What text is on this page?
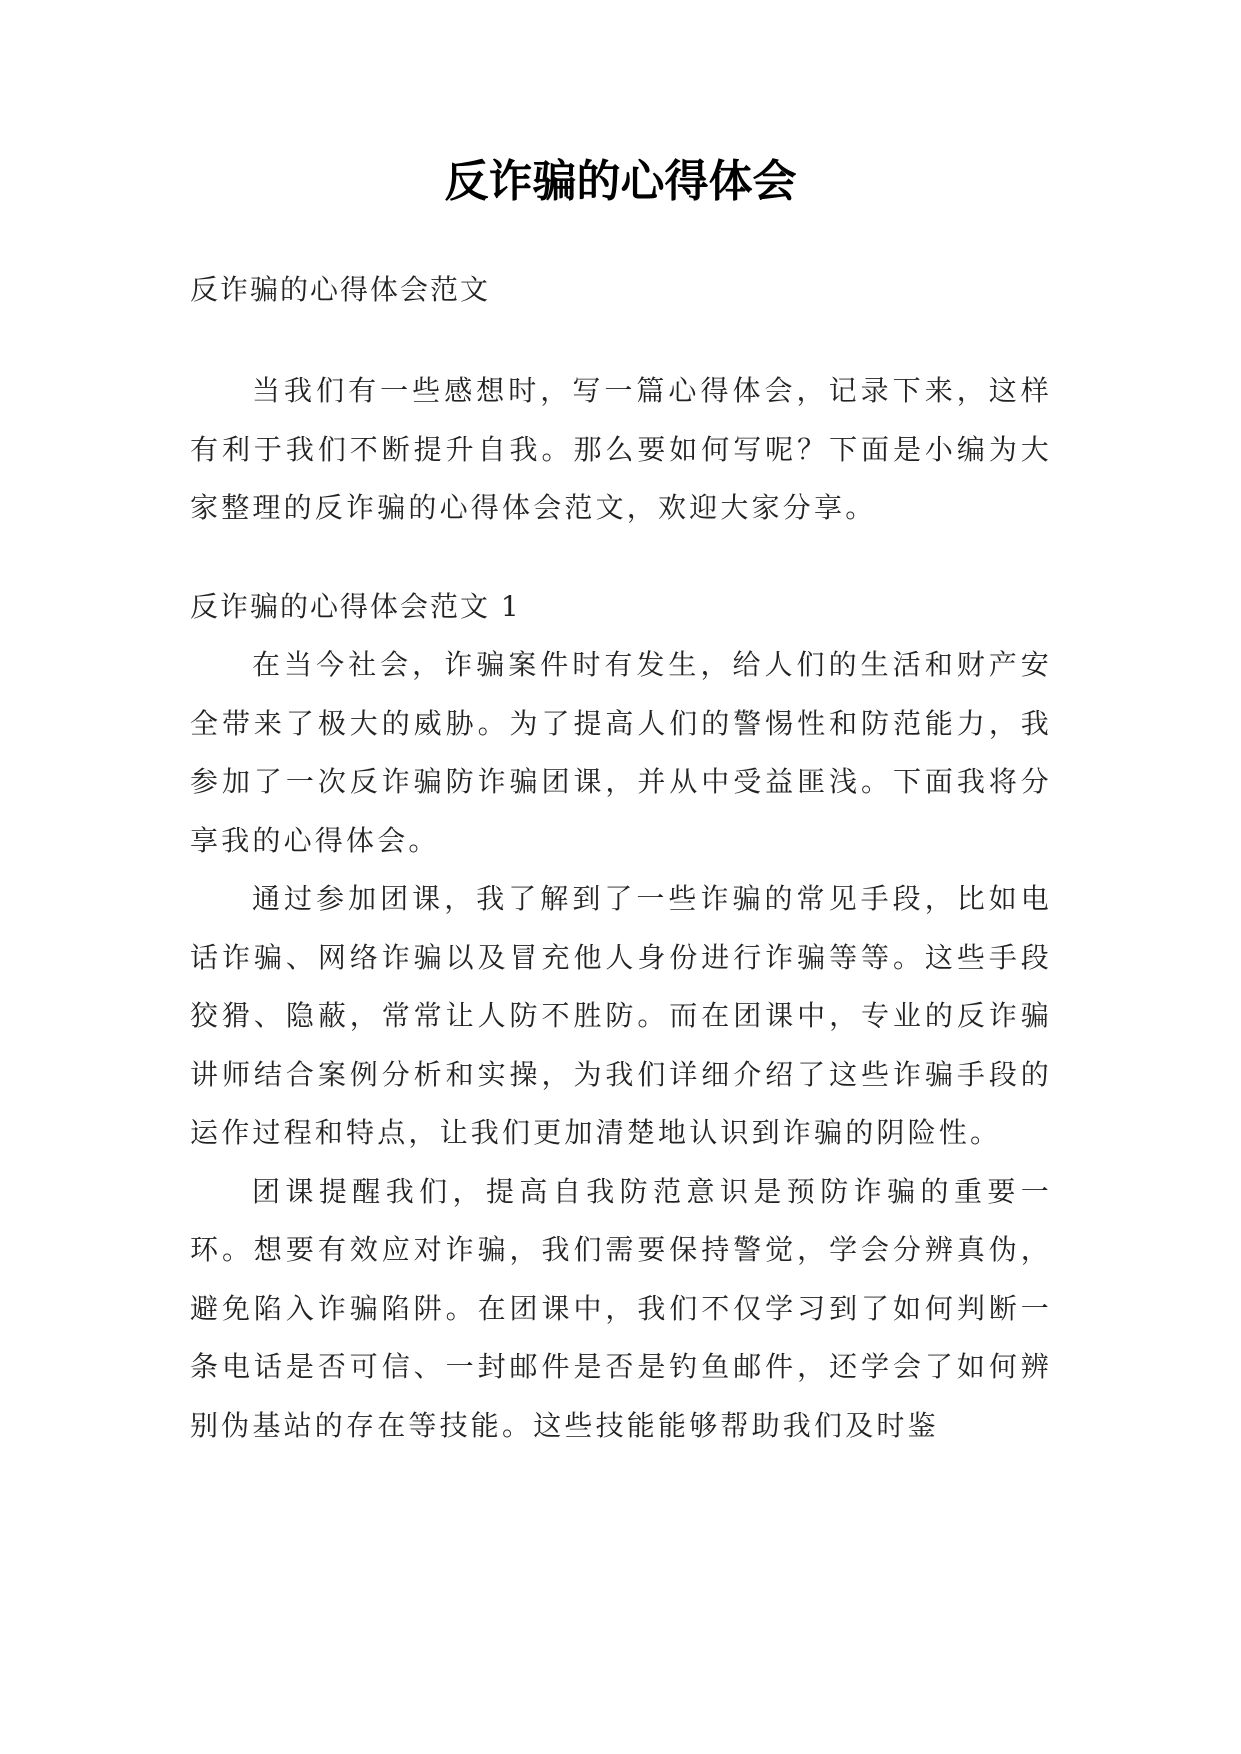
反诈骗的心得体会

反诈骗的心得体会范文

当我们有一些感想时，写一篇心得体会，记录下来，这样有利于我们不断提升自我。那么要如何写呢？下面是小编为大家整理的反诈骗的心得体会范文，欢迎大家分享。

反诈骗的心得体会范文 1

在当今社会，诈骗案件时有发生，给人们的生活和财产安全带来了极大的威胁。为了提高人们的警惕性和防范能力，我参加了一次反诈骗防诈骗团课，并从中受益匪浅。下面我将分享我的心得体会。

通过参加团课，我了解到了一些诈骗的常见手段，比如电话诈骗、网络诈骗以及冒充他人身份进行诈骗等等。这些手段狡猾、隐蔽，常常让人防不胜防。而在团课中，专业的反诈骗讲师结合案例分析和实操，为我们详细介绍了这些诈骗手段的运作过程和特点，让我们更加清楚地认识到诈骗的阴险性。

团课提醒我们，提高自我防范意识是预防诈骗的重要一环。想要有效应对诈骗，我们需要保持警觉，学会分辨真伪，避免陷入诈骗陷阱。在团课中，我们不仅学习到了如何判断一条电话是否可信、一封邮件是否是钓鱼邮件，还学会了如何辨别伪基站的存在等技能。这些技能能够帮助我们及时鉴
